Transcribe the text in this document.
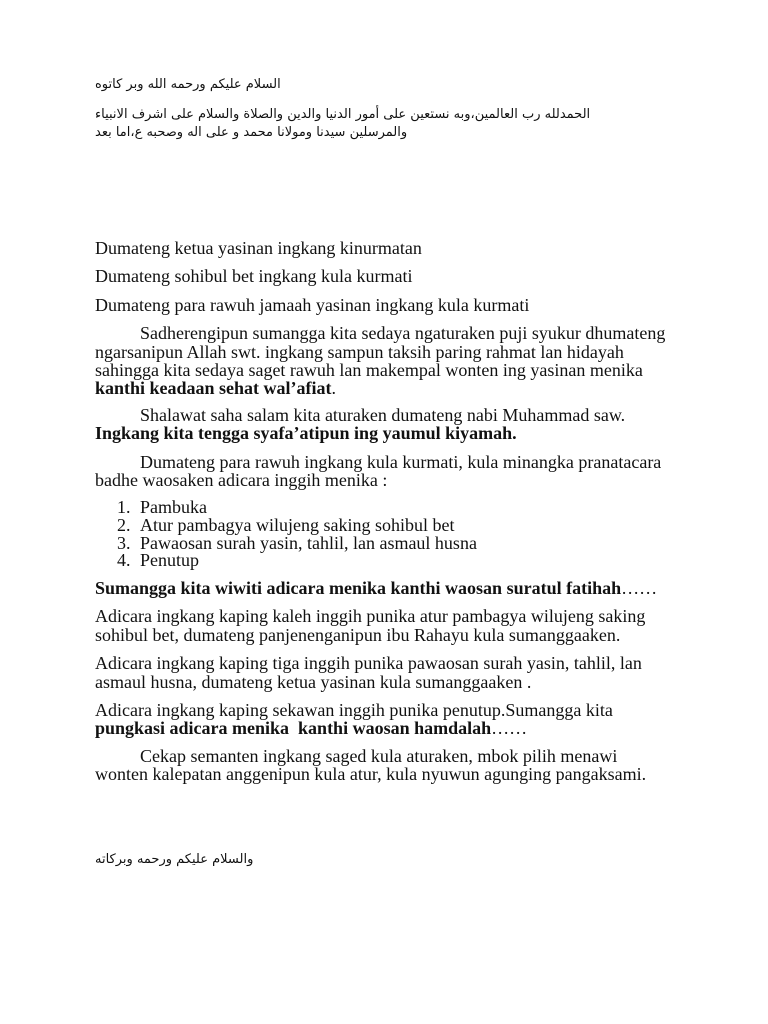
السلام عليكم ورحمه الله وبر كاتوه
الحمدلله رب العالمين،وبه نستعين على أمور الدنيا والدين والصلاة والسلام على اشرف الانبياء
والمرسلين سيدنا ومولانا محمد و على اله وصحبه ع،اما بعد
Dumateng ketua yasinan ingkang kinurmatan
Dumateng sohibul bet ingkang kula kurmati
Dumateng para rawuh jamaah yasinan ingkang kula kurmati
Sadherengipun sumangga kita sedaya ngaturaken puji syukur dhumateng
ngarsanipun Allah swt. ingkang sampun taksih paring rahmat lan hidayah
sahingga kita sedaya saget rawuh lan makempal wonten ing yasinan menika
kanthi keadaan sehat wal’afiat.
Shalawat saha salam kita aturaken dumateng nabi Muhammad saw.
Ingkang kita tengga syafa’atipun ing yaumul kiyamah.
Dumateng para rawuh ingkang kula kurmati, kula minangka pranatacara
badhe waosaken adicara inggih menika :
1. Pambuka
2. Atur pambagya wilujeng saking sohibul bet
3. Pawaosan surah yasin, tahlil, lan asmaul husna
4. Penutup
Sumangga kita wiwiti adicara menika kanthi waosan suratul fatihah……
Adicara ingkang kaping kaleh inggih punika atur pambagya wilujeng saking
sohibul bet, dumateng panjenenganipun ibu Rahayu kula sumanggaaken.
Adicara ingkang kaping tiga inggih punika pawaosan surah yasin, tahlil, lan
asmaul husna, dumateng ketua yasinan kula sumanggaaken .
Adicara ingkang kaping sekawan inggih punika penutup.Sumangga kita
pungkasi adicara menika  kanthi waosan hamdalah……
Cekap semanten ingkang saged kula aturaken, mbok pilih menawi
wonten kalepatan anggenipun kula atur, kula nyuwun agunging pangaksami.
والسلام عليكم ورحمه وبركاته
